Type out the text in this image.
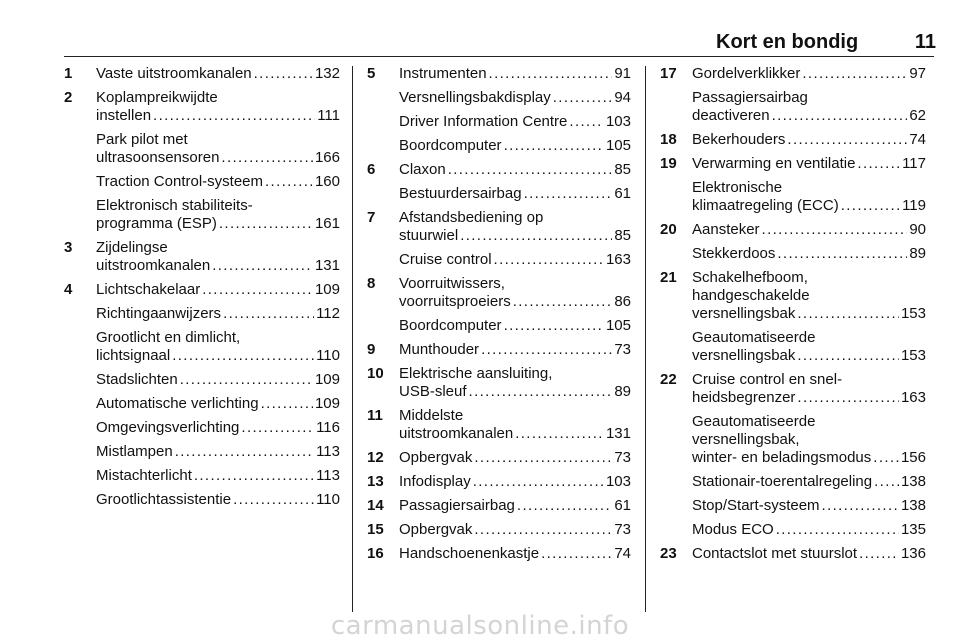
Kort en bondig	11
1 Vaste uitstroomkanalen . . .	132
2 Koplampreikwijdte
instellen . . .	111
Park pilot met
ultrasoonsensoren . . .	166
Traction Control-systeem . . .	160
Elektronisch stabiliteits-
programma (ESP) . . .	161
3 Zijdelingse
uitstroomkanalen . . .	131
4 Lichtschakelaar . . .	109
Richtingaanwijzers . . .	112
Grootlicht en dimlicht,
lichtsignaal . . .	110
Stadslichten . . .	109
Automatische verlichting . . .	109
Omgevingsverlichting . . .	116
Mistlampen . . .	113
Mistachterlicht . . .	113
Grootlichtassistentie . . .	110
5 Instrumenten . . .	91
Versnellingsbakdisplay . . .	94
Driver Information Centre . . .	103
Boordcomputer . . .	105
6 Claxon . . .	85
Bestuurdersairbag . . .	61
7 Afstandsbediening op
stuurwiel . . .	85
Cruise control . . .	163
8 Voorruitwissers,
voorruitsproeiers . . .	86
Boordcomputer . . .	105
9 Munthouder . . .	73
10 Elektrische aansluiting,
USB-sleuf . . .	89
11 Middelste
uitstroomkanalen . . .	131
12 Opbergvak . . .	73
13 Infodisplay . . .	103
14 Passagiersairbag . . .	61
15 Opbergvak . . .	73
16 Handschoenenkastje . . .	74
17 Gordelverklikker . . .	97
Passagiersairbag
deactiveren . . .	62
18 Bekerhouders . . .	74
19 Verwarming en ventilatie . . .	117
Elektronische
klimaatregeling (ECC) . . .	119
20 Aansteker . . .	90
Stekkerdoos . . .	89
21 Schakelhefboom,
handgeschakelde
versnellingsbak . . .	153
Geautomatiseerde
versnellingsbak . . .	153
22 Cruise control en snel-
heidsbegrenzer . . .	163
Geautomatiseerde
versnellingsbak,
winter- en beladingsmodus . . . 156
Stationair-toerentalregeling . . . 138
Stop/Start-systeem . . .	138
Modus ECO . . .	135
23 Contactslot met stuurslot . . .	136
carmanualsonline.info
